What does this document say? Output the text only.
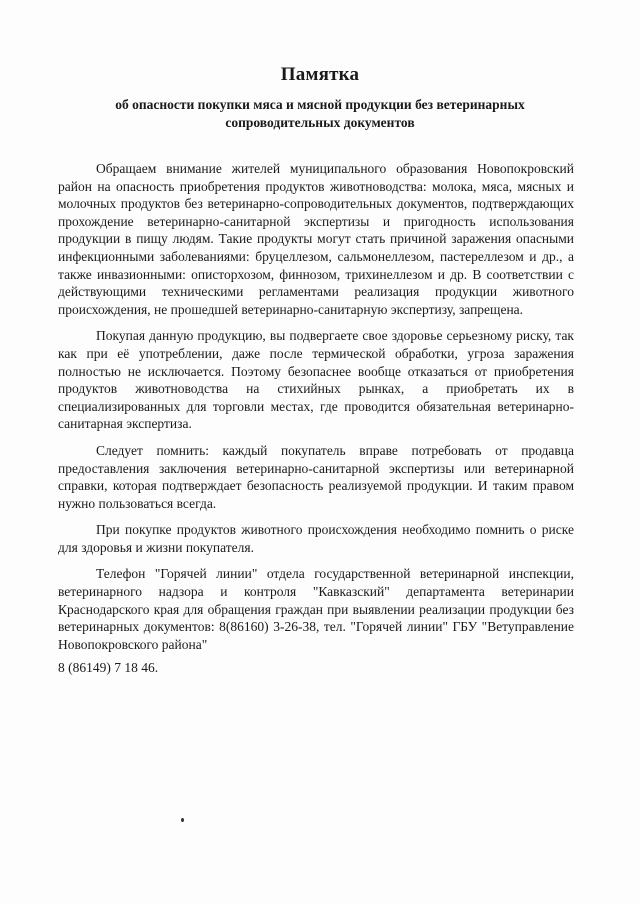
Памятка
об опасности покупки мяса и мясной продукции без ветеринарных сопроводительных документов

Обращаем внимание жителей муниципального образования Новопокровский район на опасность приобретения продуктов животноводства: молока, мяса, мясных и молочных продуктов без ветеринарно-сопроводительных документов, подтверждающих прохождение ветеринарно-санитарной экспертизы и пригодность использования продукции в пищу людям. Такие продукты могут стать причиной заражения опасными инфекционными заболеваниями: бруцеллезом, сальмонеллезом, пастереллезом и др., а также инвазионными: описторхозом, финнозом, трихинеллезом и др. В соответствии с действующими техническими регламентами реализация продукции животного происхождения, не прошедшей ветеринарно-санитарную экспертизу, запрещена.

Покупая данную продукцию, вы подвергаете свое здоровье серьезному риску, так как при её употреблении, даже после термической обработки, угроза заражения полностью не исключается. Поэтому безопаснее вообще отказаться от приобретения продуктов животноводства на стихийных рынках, а приобретать их в специализированных для торговли местах, где проводится обязательная ветеринарно-санитарная экспертиза.

Следует помнить: каждый покупатель вправе потребовать от продавца предоставления заключения ветеринарно-санитарной экспертизы или ветеринарной справки, которая подтверждает безопасность реализуемой продукции. И таким правом нужно пользоваться всегда.

При покупке продуктов животного происхождения необходимо помнить о риске для здоровья и жизни покупателя.

Телефон "Горячей линии" отдела государственной ветеринарной инспекции, ветеринарного надзора и контроля "Кавказский" департамента ветеринарии Краснодарского края для обращения граждан при выявлении реализации продукции без ветеринарных документов: 8(86160) 3-26-38, тел. "Горячей линии" ГБУ "Ветуправление Новопокровского района"

8 (86149) 7 18 46.
